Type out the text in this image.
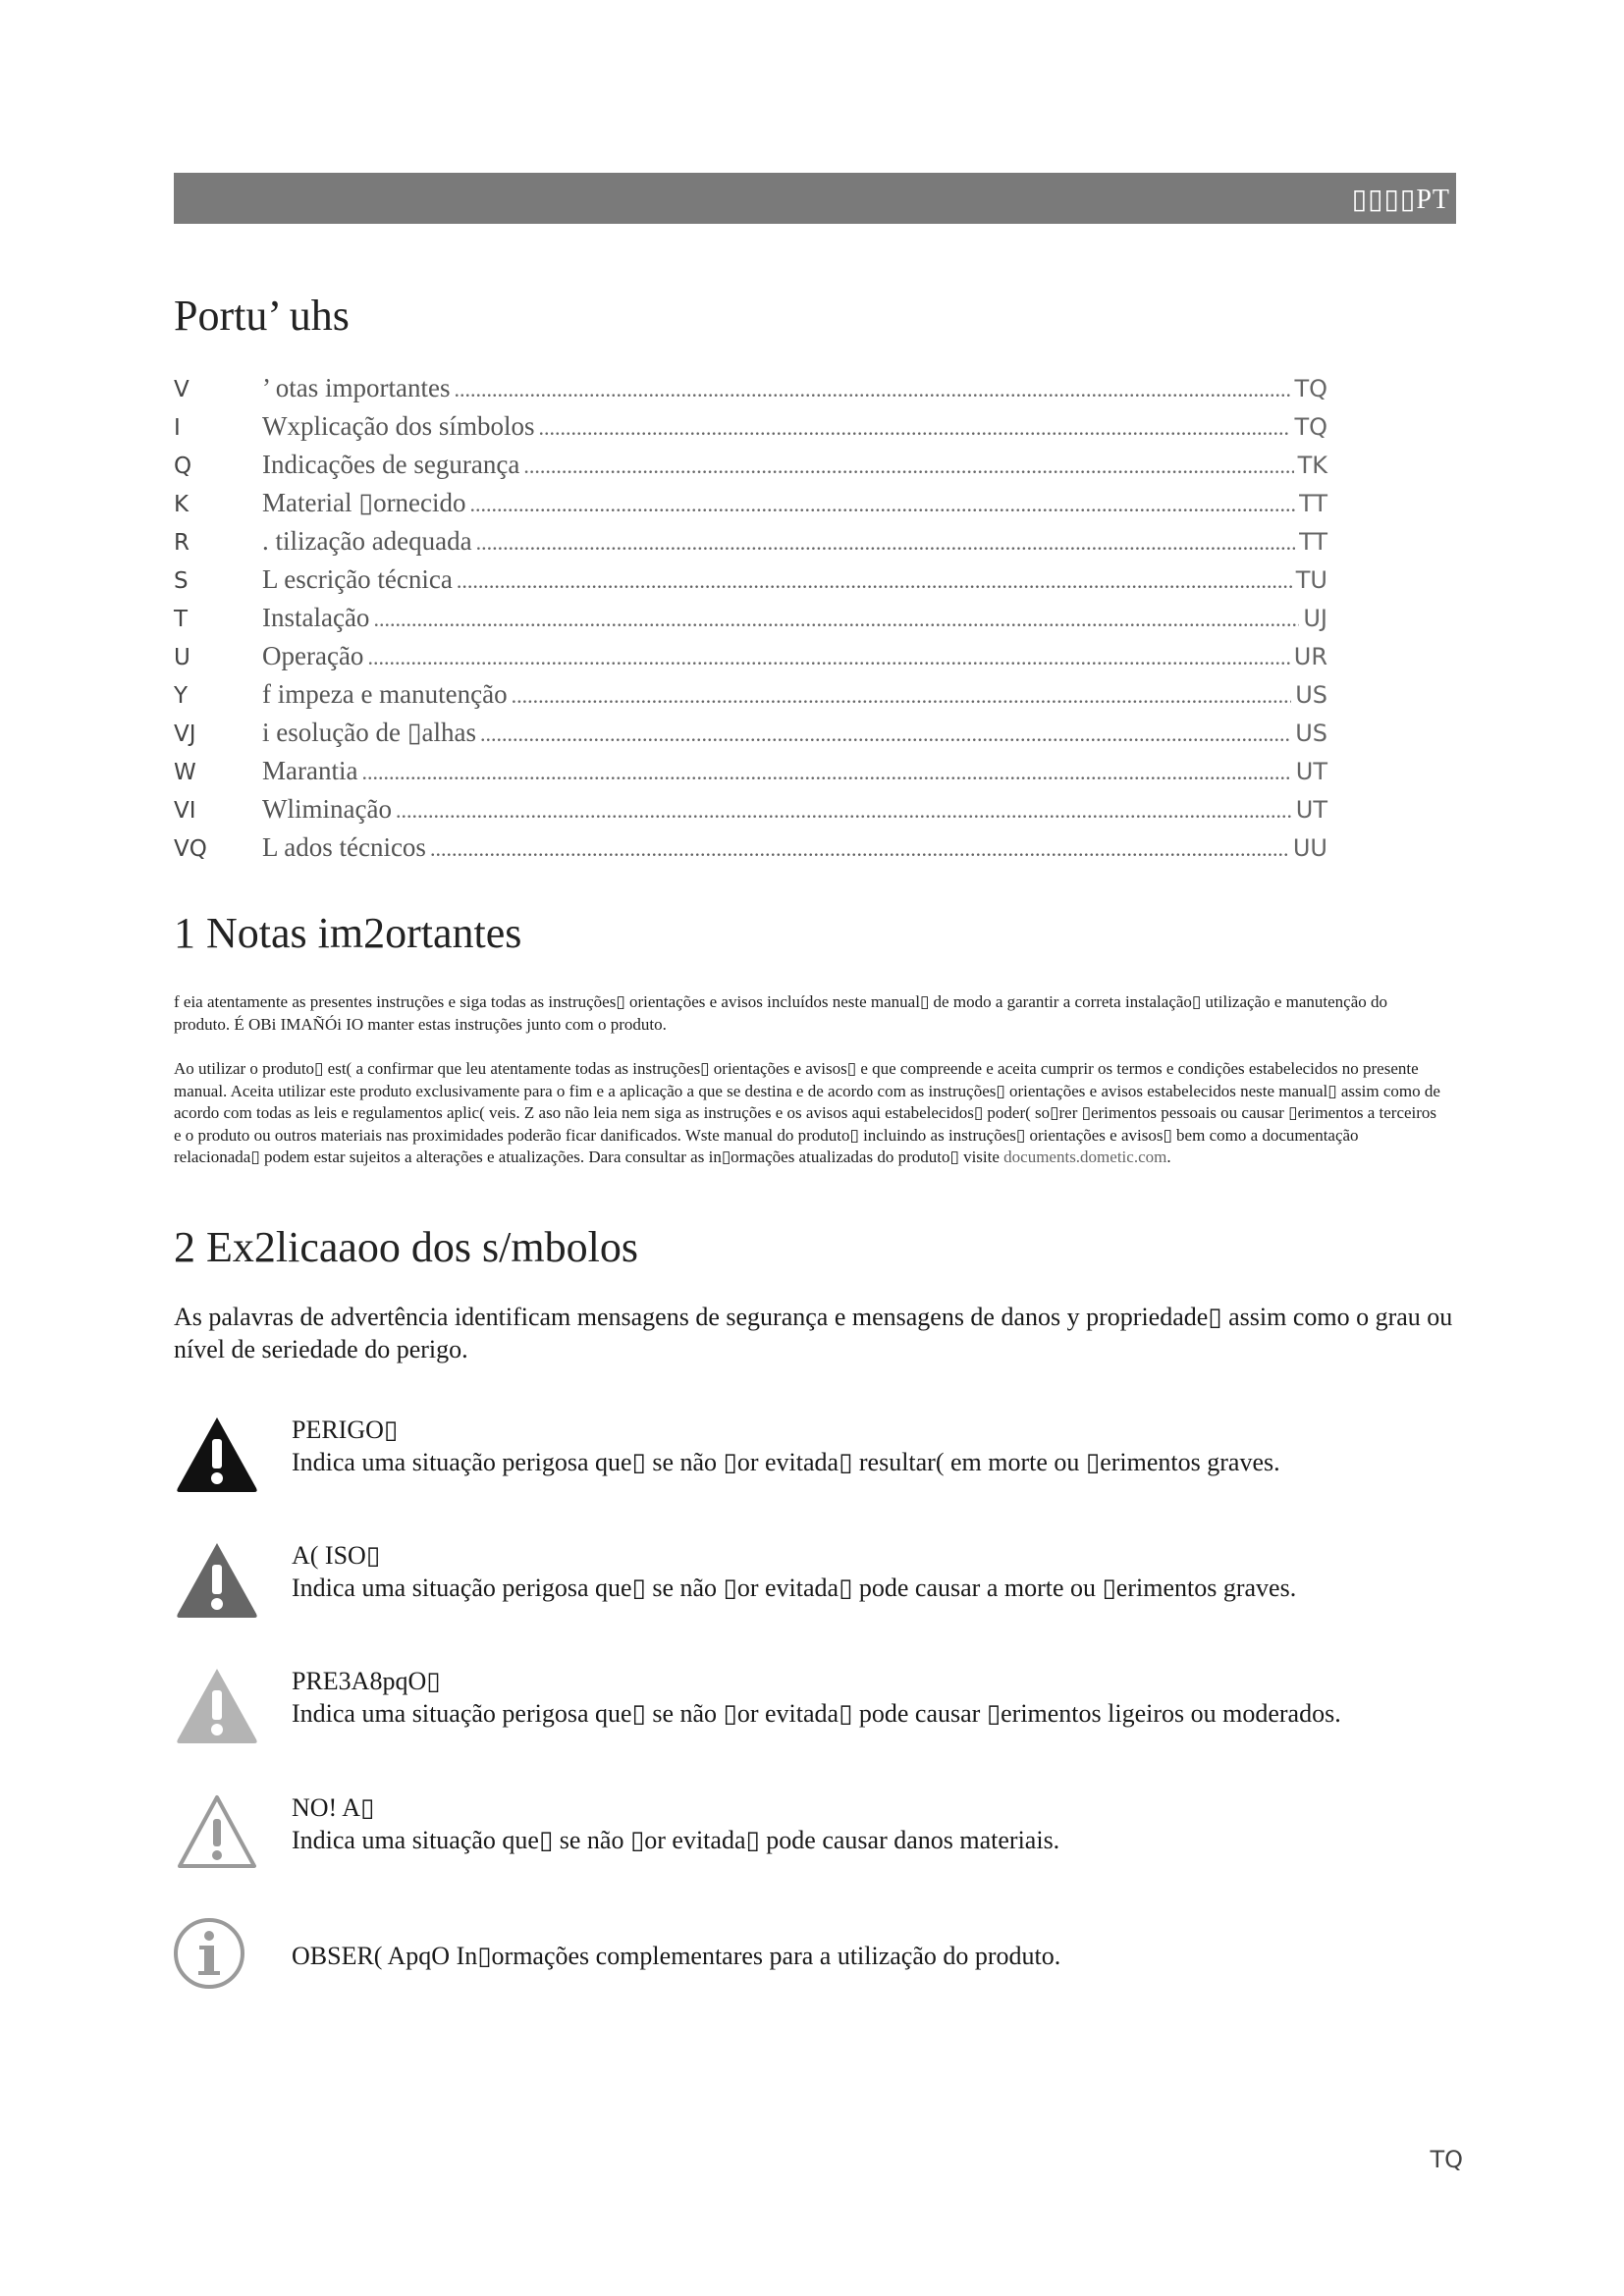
▯▯▯▯PT
Portu’ uhs
V	’ otas importantes .....	TQ
I	Wxplicação dos símbolos .....	TQ
Q	Indicações de segurança .....	TK
K	Material ▯ornecido .....	TT
R	. tilização adequada .....	TT
S	L escrição técnica .....	TU
T	Instalação .....	UJ
U	Operação .....	UR
Y	f impeza e manutenção .....	US
VJ	i esolução de ▯alhas .....	US
W	Marantia .....	UT
VI	Wliminação .....	UT
VQ	L ados técnicos .....	UU
1 Notas im2ortantes
f eia atentamente as presentes instruções e siga todas as instruções▯ orientações e avisos incluídos neste manual▯ de modo a garantir a correta instalação▯ utilização e manutenção do produto. É OBi IMAÑÓi IO manter estas instruções junto com o produto.
Ao utilizar o produto▯ est( a confirmar que leu atentamente todas as instruções▯ orientações e avisos▯ e que compreende e aceita cumprir os termos e condições estabelecidos no presente manual. Aceita utilizar este produto exclusivamente para o fim e a aplicação a que se destina e de acordo com as instruções▯ orientações e avisos estabelecidos neste manual▯ assim como de acordo com todas as leis e regulamentos aplic( veis. Z aso não leia nem siga as instruções e os avisos aqui estabelecidos▯ poder( so▯rer ▯erimentos pessoais ou causar ▯erimentos a terceiros e o produto ou outros materiais nas proximidades poderão ficar danificados. Wste manual do produto▯ incluindo as instruções▯ orientações e avisos▯ bem como a documentação relacionada▯ podem estar sujeitos a alterações e atualizações. Dara consultar as in▯ormações atualizadas do produto▯ visite documents.dometic.com.
2 Ex2licaaoo dos s/mbolos
As palavras de advertência identificam mensagens de segurança e mensagens de danos y propriedade▯ assim como o grau ou nível de seriedade do perigo.
PERIGO▯
Indica uma situação perigosa que▯ se não ▯or evitada▯ resultar( em morte ou ▯erimentos graves.
A( ISO▯
Indica uma situação perigosa que▯ se não ▯or evitada▯ pode causar a morte ou ▯erimentos graves.
PRE3A8pqO▯
Indica uma situação perigosa que▯ se não ▯or evitada▯ pode causar ▯erimentos ligeiros ou moderados.
NO! A▯
Indica uma situação que▯ se não ▯or evitada▯ pode causar danos materiais.
OBSER( ApqO In▯ormações complementares para a utilização do produto.
TQ
